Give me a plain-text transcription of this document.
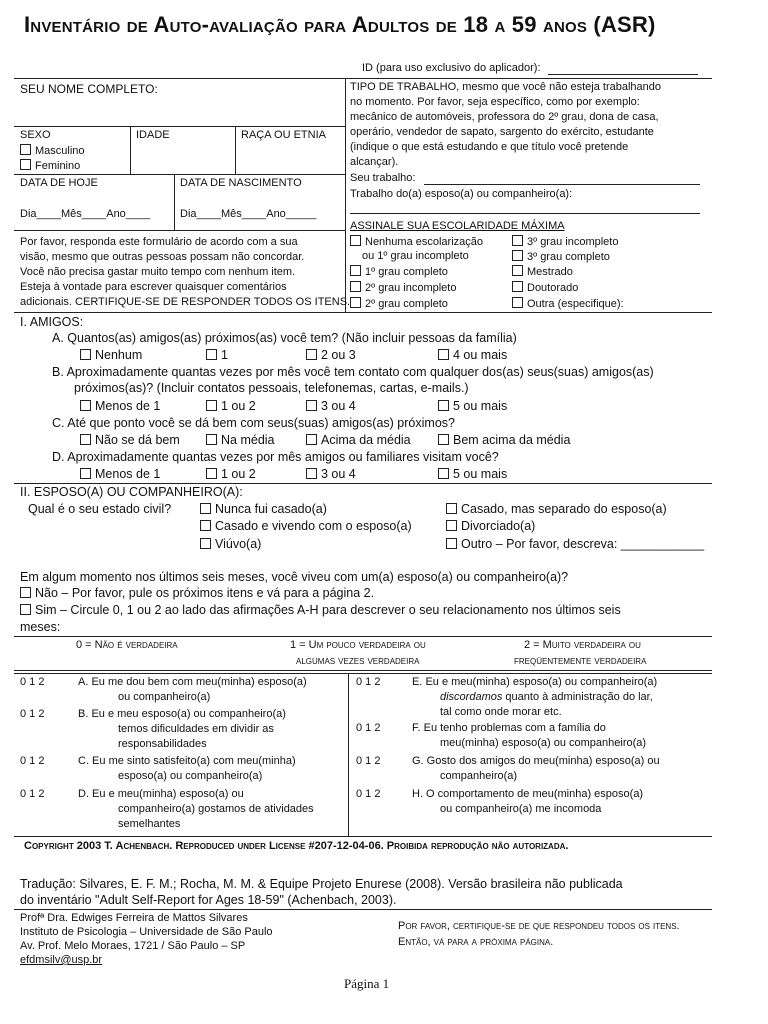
Inventário de Auto-avaliação para Adultos de 18 a 59 anos (ASR)
ID (para uso exclusivo do aplicador):
SEU NOME COMPLETO:
SEXO
Masculino
Feminino
IDADE	RAÇA OU ETNIA
DATA DE HOJE	DATA DE NASCIMENTO
Dia____Mês____Ano____	Dia____Mês____Ano_____
Por favor, responda este formulário de acordo com a sua
visão, mesmo que outras pessoas possam não concordar.
Você não precisa gastar muito tempo com nenhum item.
Esteja à vontade para escrever quaisquer comentários
adicionais. CERTIFIQUE-SE DE RESPONDER TODOS OS ITENS.
TIPO DE TRABALHO, mesmo que você não esteja trabalhando
no momento. Por favor, seja específico, como por exemplo:
mecânico de automóveis, professora do 2º grau, dona de casa,
operário, vendedor de sapato, sargento do exército, estudante
(indique o que está estudando e que título você pretende
alcançar).
Seu trabalho:
Trabalho do(a) esposo(a) ou companheiro(a):
ASSINALE SUA ESCOLARIDADE MÁXIMA
Nenhuma escolarização
ou 1º grau incompleto
1º grau completo
2º grau incompleto
2º grau completo
3º grau incompleto
3º grau completo
Mestrado
Doutorado
Outra (especifique):
I. AMIGOS:
A. Quantos(as) amigos(as) próximos(as) você tem? (Não incluir pessoas da família)
Nenhum	1	2 ou 3	4 ou mais
B. Aproximadamente quantas vezes por mês você tem contato com qualquer dos(as) seus(suas) amigos(as)
próximos(as)? (Incluir contatos pessoais, telefonemas, cartas, e-mails.)
Menos de 1	1 ou 2	3 ou 4	5 ou mais
C. Até que ponto você se dá bem com seus(suas) amigos(as) próximos?
Não se dá bem	Na média	Acima da média	Bem acima da média
D. Aproximadamente quantas vezes por mês amigos ou familiares visitam você?
Menos de 1	1 ou 2	3 ou 4	5 ou mais
II. ESPOSO(A) OU COMPANHEIRO(A):
Qual é o seu estado civil?	Nunca fui casado(a)	Casado, mas separado do esposo(a)
Casado e vivendo com o esposo(a)	Divorciado(a)
Viúvo(a)	Outro – Por favor, descreva: ____________
Em algum momento nos últimos seis meses, você viveu com um(a) esposo(a) ou companheiro(a)?
Não – Por favor, pule os próximos itens e vá para a página 2.
Sim – Circule 0, 1 ou 2 ao lado das afirmações A-H para descrever o seu relacionamento nos últimos seis
meses:
0 = Não é verdadeira	1 = Um pouco verdadeira ou
algumas vezes verdadeira
2 = Muito verdadeira ou
freqüentemente verdadeira
0 1 2	A. Eu me dou bem com meu(minha) esposo(a)
ou companheiro(a)
0 1 2	B. Eu e meu esposo(a) ou companheiro(a)
temos dificuldades em dividir as
responsabilidades
0 1 2	C. Eu me sinto satisfeito(a) com meu(minha)
esposo(a) ou companheiro(a)
0 1 2	D. Eu e meu(minha) esposo(a) ou
companheiro(a) gostamos de atividades
semelhantes
0 1 2	E. Eu e meu(minha) esposo(a) ou companheiro(a)
discordamos quanto à administração do lar,
tal como onde morar etc.
0 1 2	F. Eu tenho problemas com a família do
meu(minha) esposo(a) ou companheiro(a)
0 1 2	G. Gosto dos amigos do meu(minha) esposo(a) ou
companheiro(a)
0 1 2	H. O comportamento de meu(minha) esposo(a)
ou companheiro(a) me incomoda
Copyright 2003 T. Achenbach. Reproduced under License #207-12-04-06. Proibida reprodução não autorizada.
Tradução: Silvares, E. F. M.; Rocha, M. M. & Equipe Projeto Enurese (2008). Versão brasileira não publicada
do inventário "Adult Self-Report for Ages 18-59" (Achenbach, 2003).
Profª Dra. Edwiges Ferreira de Mattos Silvares
Instituto de Psicologia – Universidade de São Paulo
Av. Prof. Melo Moraes, 1721 / São Paulo – SP
efdmsilv@usp.br
Por favor, certifique-se de que respondeu todos os itens.
Então, vá para a próxima página.
Página 1
